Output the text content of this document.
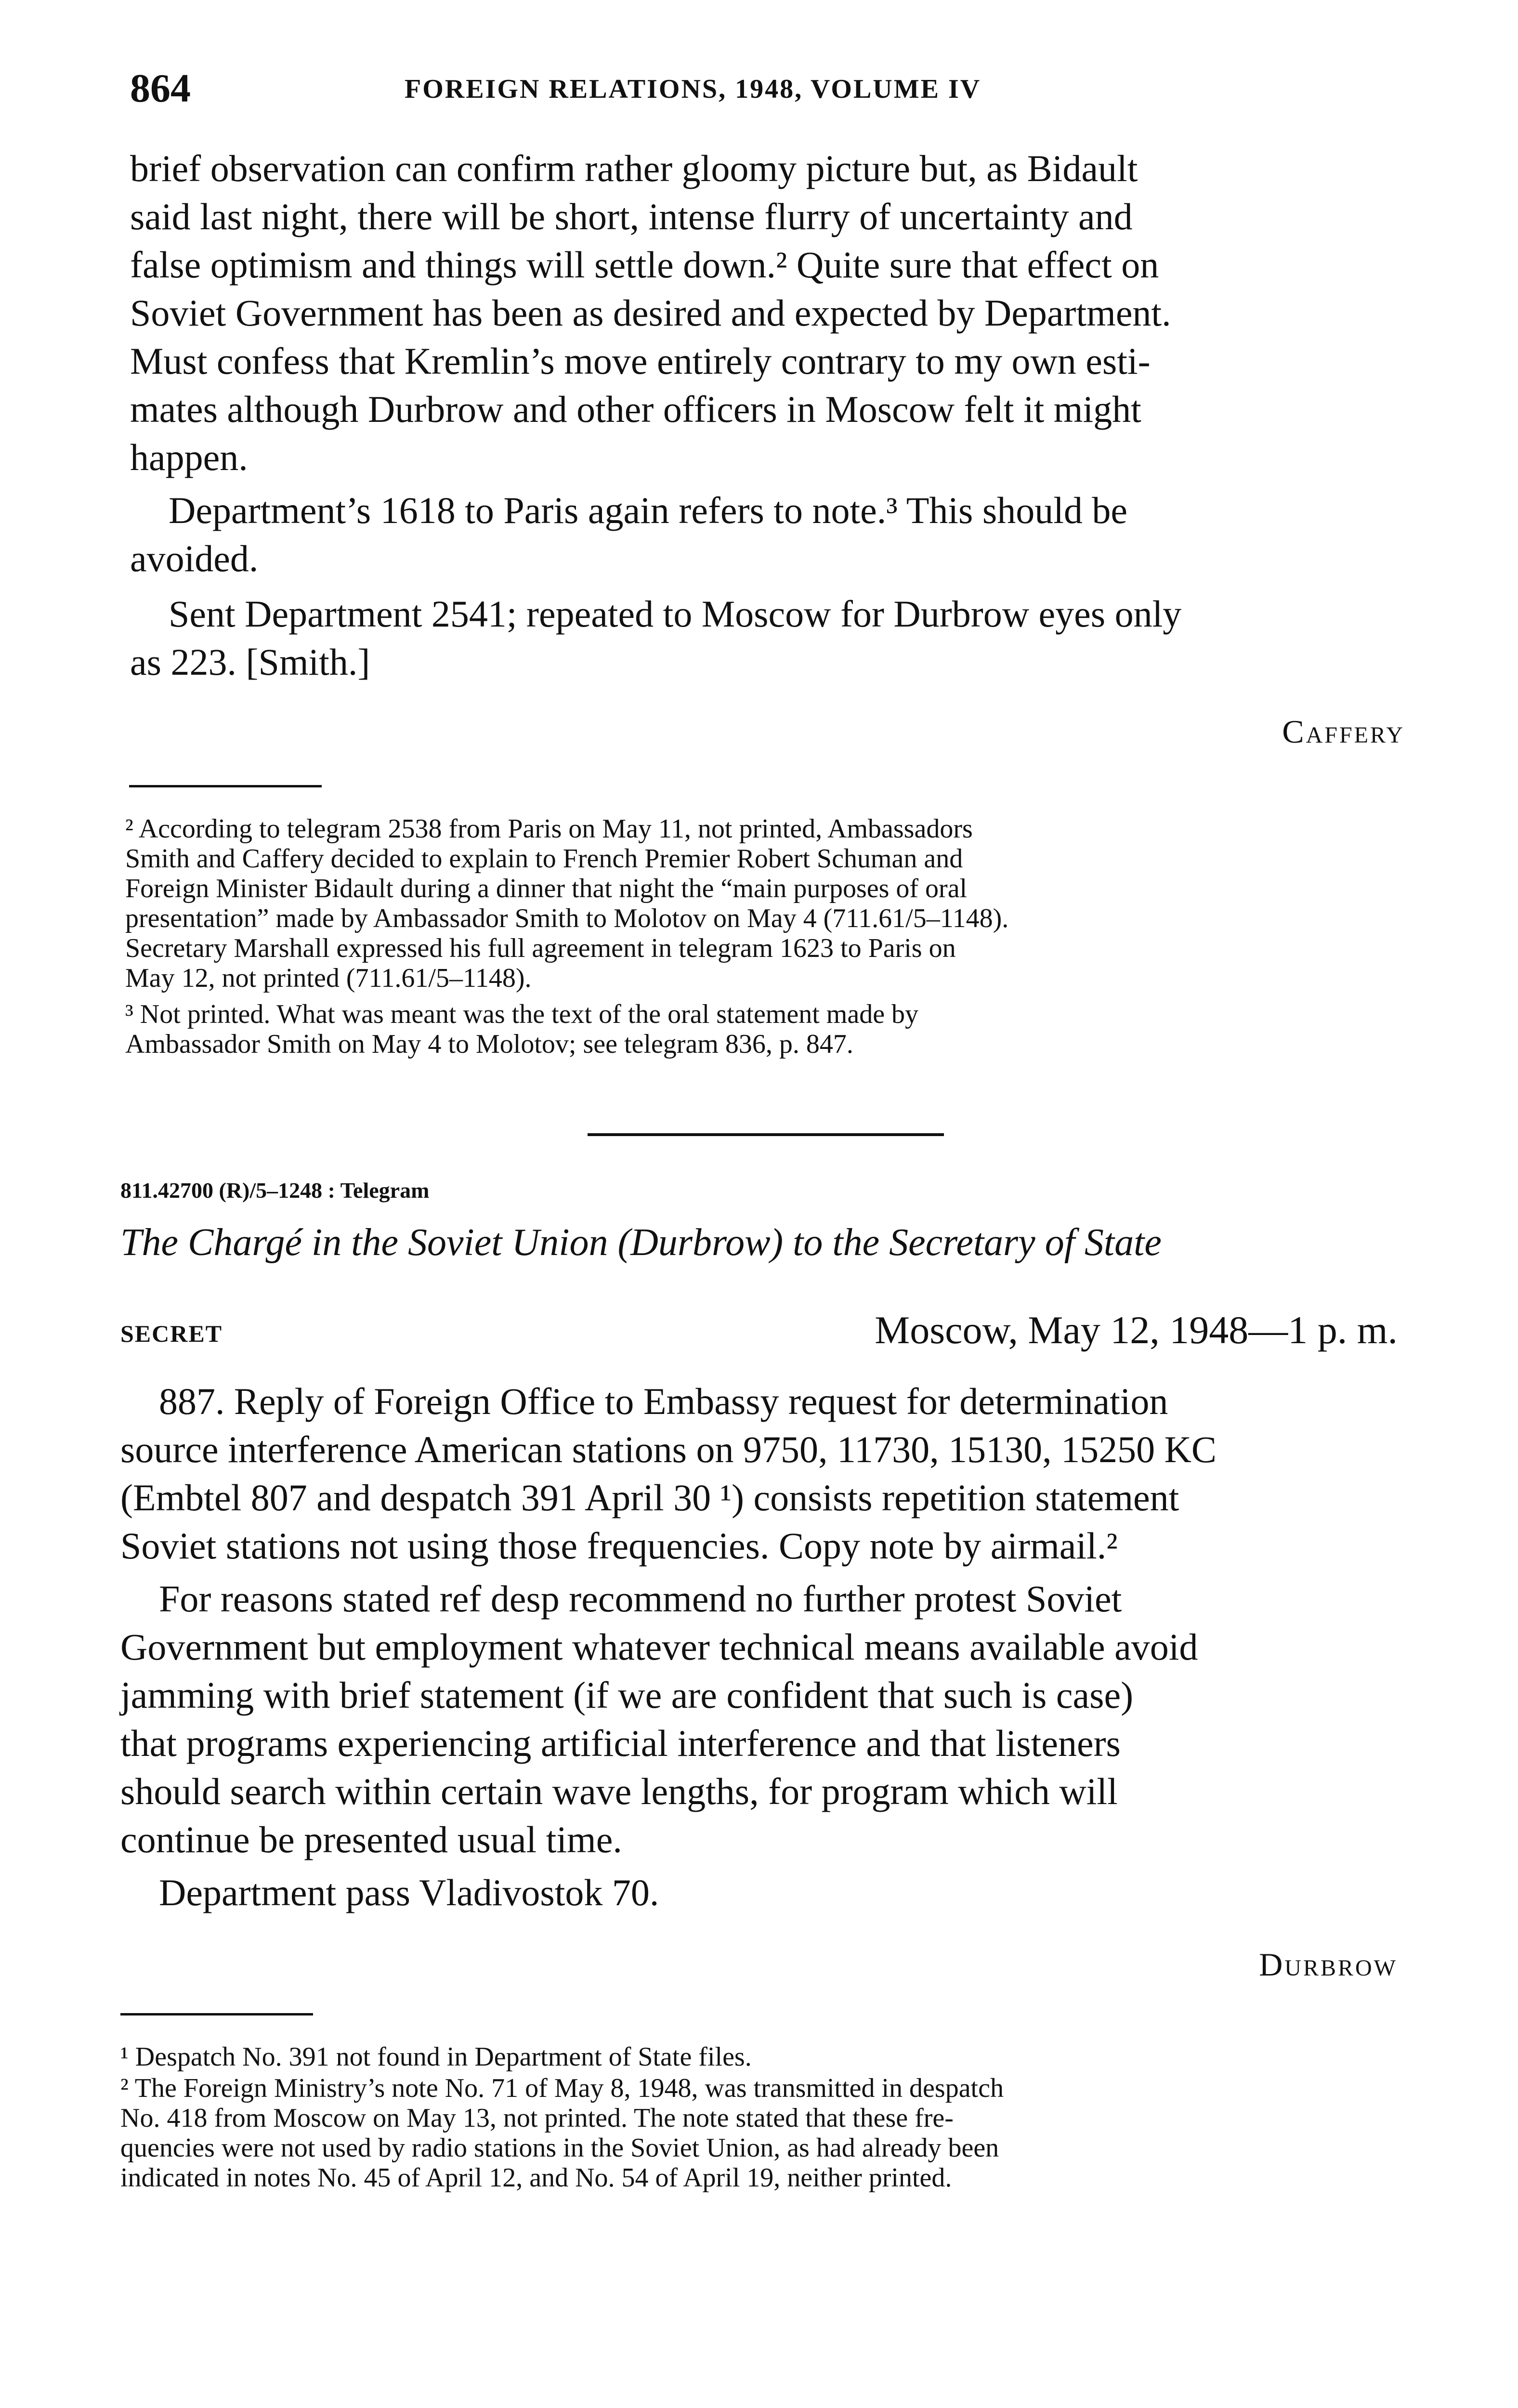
864	FOREIGN RELATIONS, 1948, VOLUME IV
brief observation can confirm rather gloomy picture but, as Bidault
said last night, there will be short, intense flurry of uncertainty and
false optimism and things will settle down.² Quite sure that effect on
Soviet Government has been as desired and expected by Department.
Must confess that Kremlin’s move entirely contrary to my own esti-
mates although Durbrow and other officers in Moscow felt it might
happen.
Department’s 1618 to Paris again refers to note.³ This should be
avoided.
Sent Department 2541; repeated to Moscow for Durbrow eyes only
as 223. [Smith.]
Caffery
² According to telegram 2538 from Paris on May 11, not printed, Ambassadors
Smith and Caffery decided to explain to French Premier Robert Schuman and
Foreign Minister Bidault during a dinner that night the “main purposes of oral
presentation” made by Ambassador Smith to Molotov on May 4 (711.61/5–1148).
Secretary Marshall expressed his full agreement in telegram 1623 to Paris on
May 12, not printed (711.61/5–1148).
³ Not printed. What was meant was the text of the oral statement made by
Ambassador Smith on May 4 to Molotov; see telegram 836, p. 847.
811.42700 (R)/5–1248 : Telegram
The Chargé in the Soviet Union (Durbrow) to the Secretary of State
SECRET	Moscow, May 12, 1948—1 p. m.
887. Reply of Foreign Office to Embassy request for determination
source interference American stations on 9750, 11730, 15130, 15250 KC
(Embtel 807 and despatch 391 April 30 ¹) consists repetition statement
Soviet stations not using those frequencies. Copy note by airmail.²
For reasons stated ref desp recommend no further protest Soviet
Government but employment whatever technical means available avoid
jamming with brief statement (if we are confident that such is case)
that programs experiencing artificial interference and that listeners
should search within certain wave lengths, for program which will
continue be presented usual time.
Department pass Vladivostok 70.
Durbrow
¹ Despatch No. 391 not found in Department of State files.
² The Foreign Ministry’s note No. 71 of May 8, 1948, was transmitted in despatch
No. 418 from Moscow on May 13, not printed. The note stated that these fre-
quencies were not used by radio stations in the Soviet Union, as had already been
indicated in notes No. 45 of April 12, and No. 54 of April 19, neither printed.
